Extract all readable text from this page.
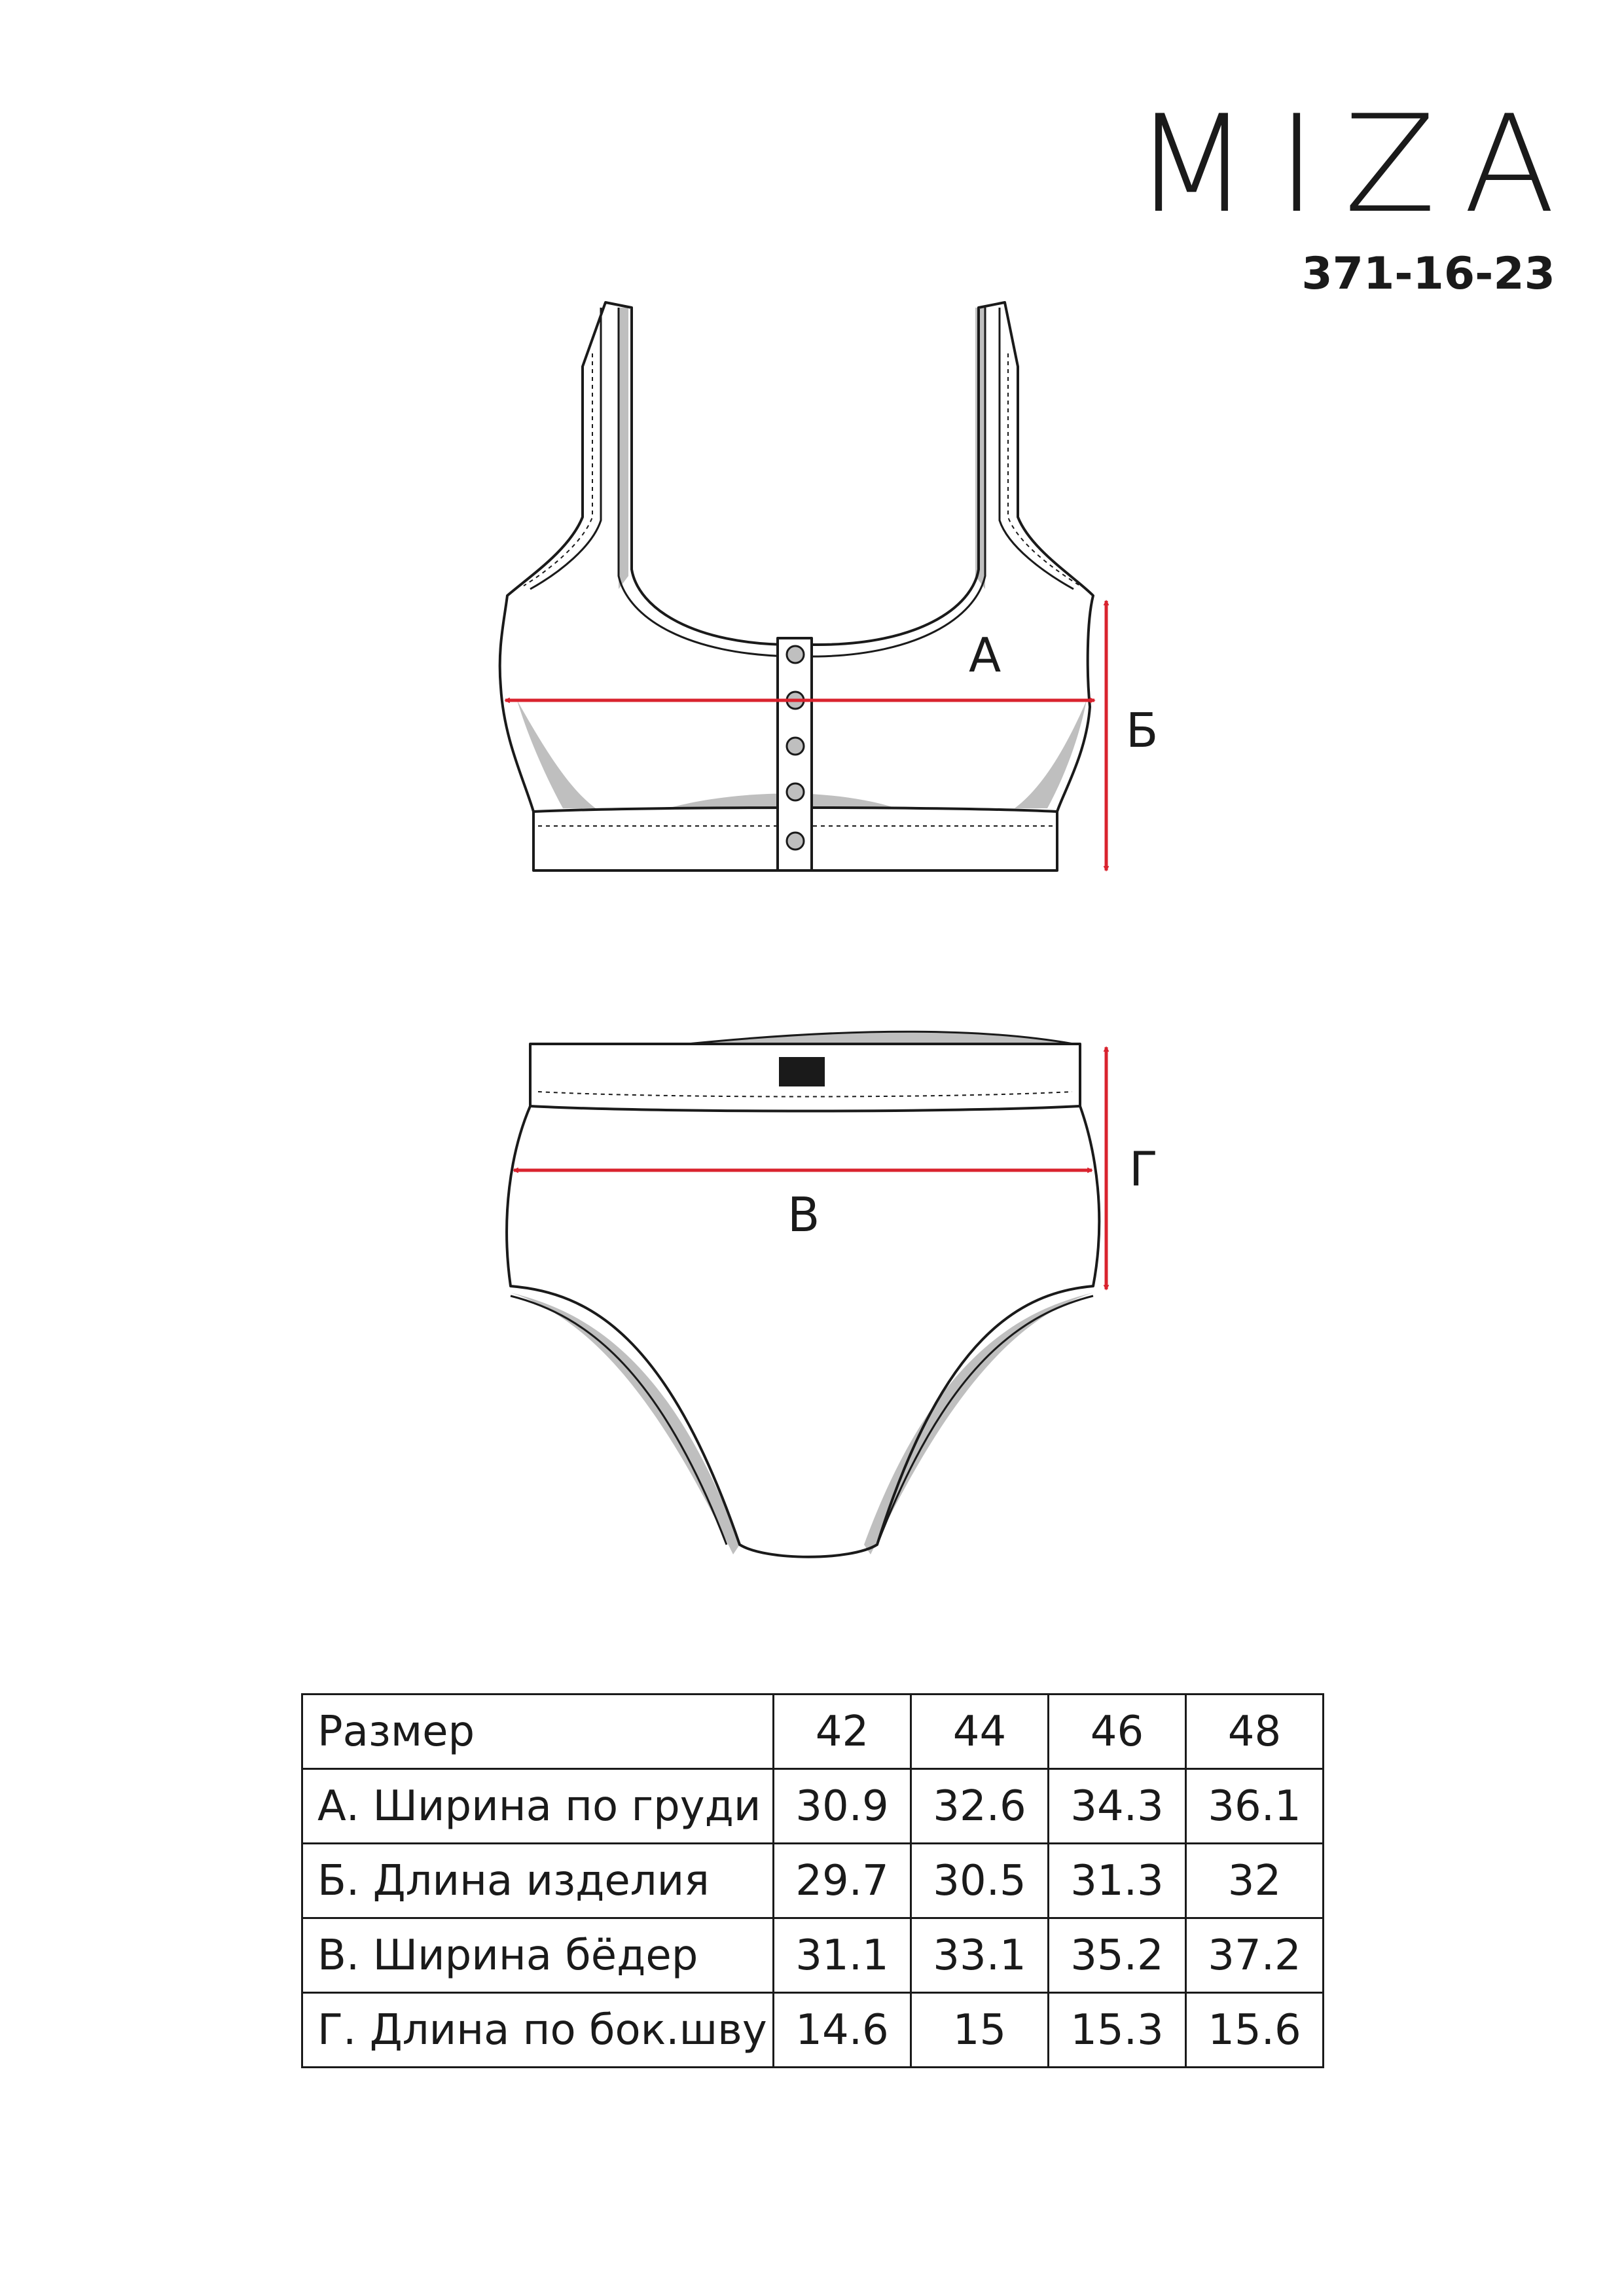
MIZA
371-16-23
А
Б
В
Г
Размер	42	44	46	48
А. Ширина по груди	30.9	32.6	34.3	36.1
Б. Длина изделия	29.7	30.5	31.3	32
В. Ширина бёдер	31.1	33.1	35.2	37.2
Г. Длина по бок.шву	14.6	15	15.3	15.6
